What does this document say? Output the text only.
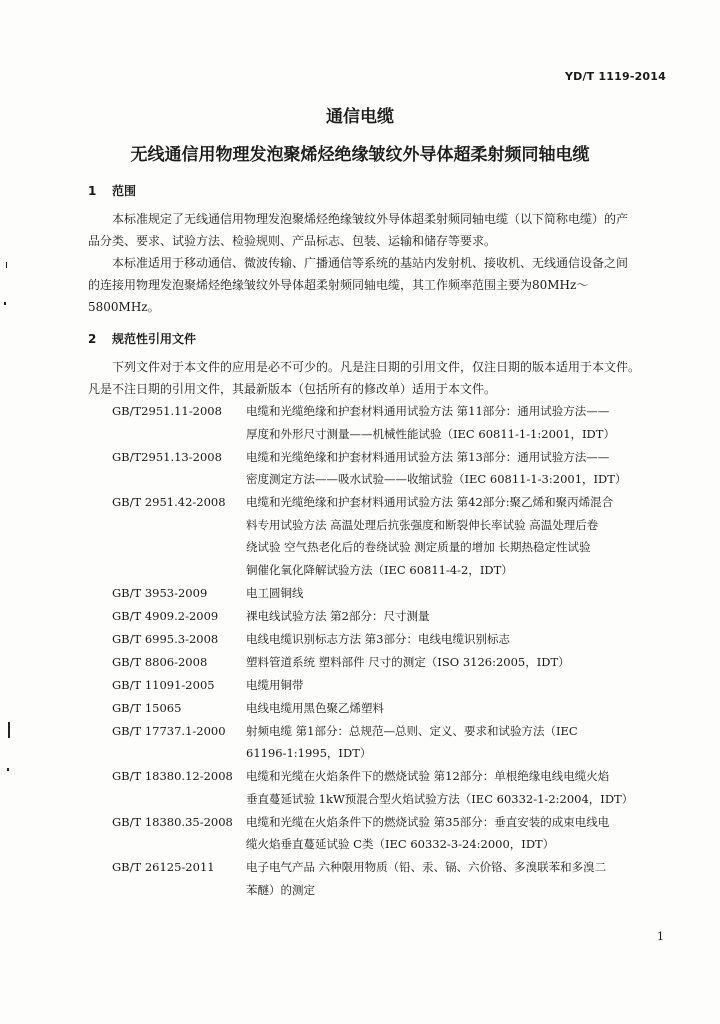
YD/T 1119-2014
通信电缆
无线通信用物理发泡聚烯烃绝缘皱纹外导体超柔射频同轴电缆
1 范围
本标准规定了无线通信用物理发泡聚烯烃绝缘皱纹外导体超柔射频同轴电缆（以下简称电缆）的产
品分类、要求、试验方法、检验规则、产品标志、包装、运输和储存等要求。
本标准适用于移动通信、微波传输、广播通信等系统的基站内发射机、接收机、无线通信设备之间
的连接用物理发泡聚烯烃绝缘皱纹外导体超柔射频同轴电缆，其工作频率范围主要为80MHz～
5800MHz。
2 规范性引用文件
下列文件对于本文件的应用是必不可少的。凡是注日期的引用文件，仅注日期的版本适用于本文件。
凡是不注日期的引用文件，其最新版本（包括所有的修改单）适用于本文件。
GB/T2951.11-2008	电缆和光缆绝缘和护套材料通用试验方法 第11部分：通用试验方法——
厚度和外形尺寸测量——机械性能试验（IEC 60811-1-1:2001，IDT）
GB/T2951.13-2008	电缆和光缆绝缘和护套材料通用试验方法 第13部分：通用试验方法——
密度测定方法——吸水试验——收缩试验（IEC 60811-1-3:2001，IDT）
GB/T 2951.42-2008	电缆和光缆绝缘和护套材料通用试验方法 第42部分:聚乙烯和聚丙烯混合
料专用试验方法 高温处理后抗张强度和断裂伸长率试验 高温处理后卷
绕试验 空气热老化后的卷绕试验 测定质量的增加 长期热稳定性试验
铜催化氧化降解试验方法（IEC 60811-4-2，IDT）
GB/T 3953-2009	电工圆铜线
GB/T 4909.2-2009	裸电线试验方法 第2部分：尺寸测量
GB/T 6995.3-2008	电线电缆识别标志方法 第3部分：电线电缆识别标志
GB/T 8806-2008	塑料管道系统 塑料部件 尺寸的测定（ISO 3126:2005，IDT）
GB/T 11091-2005	电缆用铜带
GB/T 15065	电线电缆用黑色聚乙烯塑料
GB/T 17737.1-2000	射频电缆 第1部分：总规范—总则、定义、要求和试验方法（IEC
61196-1:1995，IDT）
GB/T 18380.12-2008	电缆和光缆在火焰条件下的燃烧试验 第12部分：单根绝缘电线电缆火焰
垂直蔓延试验 1kW预混合型火焰试验方法（IEC 60332-1-2:2004，IDT）
GB/T 18380.35-2008	电缆和光缆在火焰条件下的燃烧试验 第35部分：垂直安装的成束电线电
缆火焰垂直蔓延试验 C类（IEC 60332-3-24:2000，IDT）
GB/T 26125-2011	电子电气产品 六种限用物质（铅、汞、镉、六价铬、多溴联苯和多溴二
苯醚）的测定
1
